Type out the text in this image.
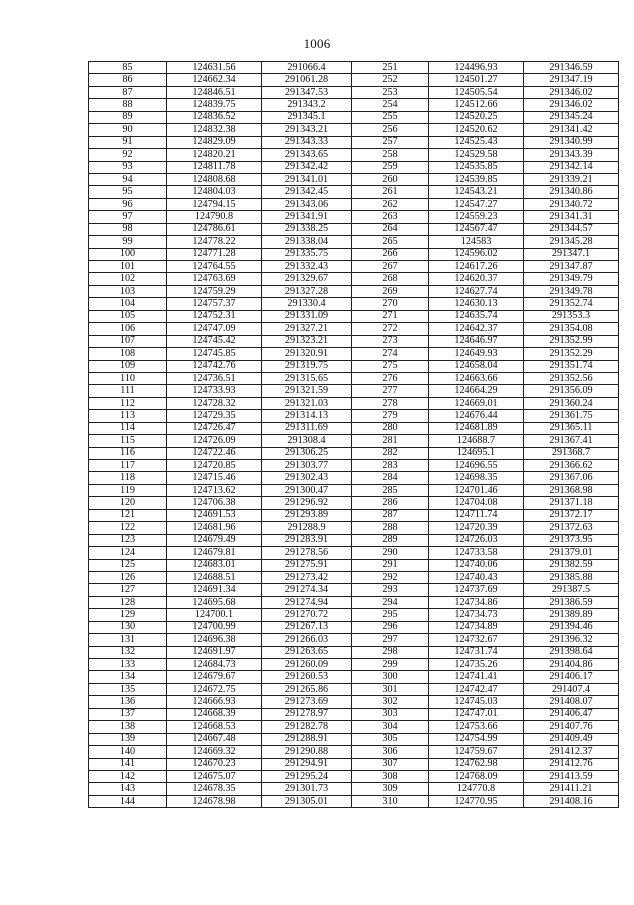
1006
85	124631.56	291066.4	251	124496.93	291346.59
86	124662.34	291061.28	252	124501.27	291347.19
87	124846.51	291347.53	253	124505.54	291346.02
88	124839.75	291343.2	254	124512.66	291346.02
89	124836.52	291345.1	255	124520.25	291345.24
90	124832.38	291343.21	256	124520.62	291341.42
91	124829.09	291343.33	257	124525.43	291340.99
92	124820.21	291343.65	258	124529.58	291343.39
93	124811.78	291342.42	259	124535.85	291342.14
94	124808.68	291341.01	260	124539.85	291339.21
95	124804.03	291342.45	261	124543.21	291340.86
96	124794.15	291343.06	262	124547.27	291340.72
97	124790.8	291341.91	263	124559.23	291341.31
98	124786.61	291338.25	264	124567.47	291344.57
99	124778.22	291338.04	265	124583	291345.28
100	124771.28	291335.75	266	124596.02	291347.1
101	124764.55	291332.43	267	124617.26	291347.87
102	124763.69	291329.67	268	124620.37	291349.79
103	124759.29	291327.28	269	124627.74	291349.78
104	124757.37	291330.4	270	124630.13	291352.74
105	124752.31	291331.09	271	124635.74	291353.3
106	124747.09	291327.21	272	124642.37	291354.08
107	124745.42	291323.21	273	124646.97	291352.99
108	124745.85	291320.91	274	124649.93	291352.29
109	124742.76	291319.75	275	124658.04	291351.74
110	124736.51	291315.65	276	124663.66	291352.56
111	124733.93	291321.59	277	124664.29	291356.09
112	124728.32	291321.03	278	124669.01	291360.24
113	124729.35	291314.13	279	124676.44	291361.75
114	124726.47	291311.69	280	124681.89	291365.11
115	124726.09	291308.4	281	124688.7	291367.41
116	124722.46	291306.25	282	124695.1	291368.7
117	124720.85	291303.77	283	124696.55	291366.62
118	124715.46	291302.43	284	124698.35	291367.06
119	124713.62	291300.47	285	124701.46	291368.98
120	124706.38	291296.92	286	124704.08	291371.18
121	124691.53	291293.89	287	124711.74	291372.17
122	124681.96	291288.9	288	124720.39	291372.63
123	124679.49	291283.91	289	124726.03	291373.95
124	124679.81	291278.56	290	124733.58	291379.01
125	124683.01	291275.91	291	124740.06	291382.59
126	124688.51	291273.42	292	124740.43	291385.88
127	124691.34	291274.34	293	124737.69	291387.5
128	124695.68	291274.94	294	124734.86	291386.59
129	124700.1	291270.72	295	124734.73	291389.89
130	124700.99	291267.13	296	124734.89	291394.46
131	124696.38	291266.03	297	124732.67	291396.32
132	124691.97	291263.65	298	124731.74	291398.64
133	124684.73	291260.09	299	124735.26	291404.86
134	124679.67	291260.53	300	124741.41	291406.17
135	124672.75	291265.86	301	124742.47	291407.4
136	124666.93	291273.69	302	124745.03	291408.07
137	124668.39	291278.97	303	124747.01	291406.47
138	124668.53	291282.78	304	124753.66	291407.76
139	124667.48	291288.91	305	124754.99	291409.49
140	124669.32	291290.88	306	124759.67	291412.37
141	124670.23	291294.91	307	124762.98	291412.76
142	124675.07	291295.24	308	124768.09	291413.59
143	124678.35	291301.73	309	124770.8	291411.21
144	124678.98	291305.01	310	124770.95	291408.16
